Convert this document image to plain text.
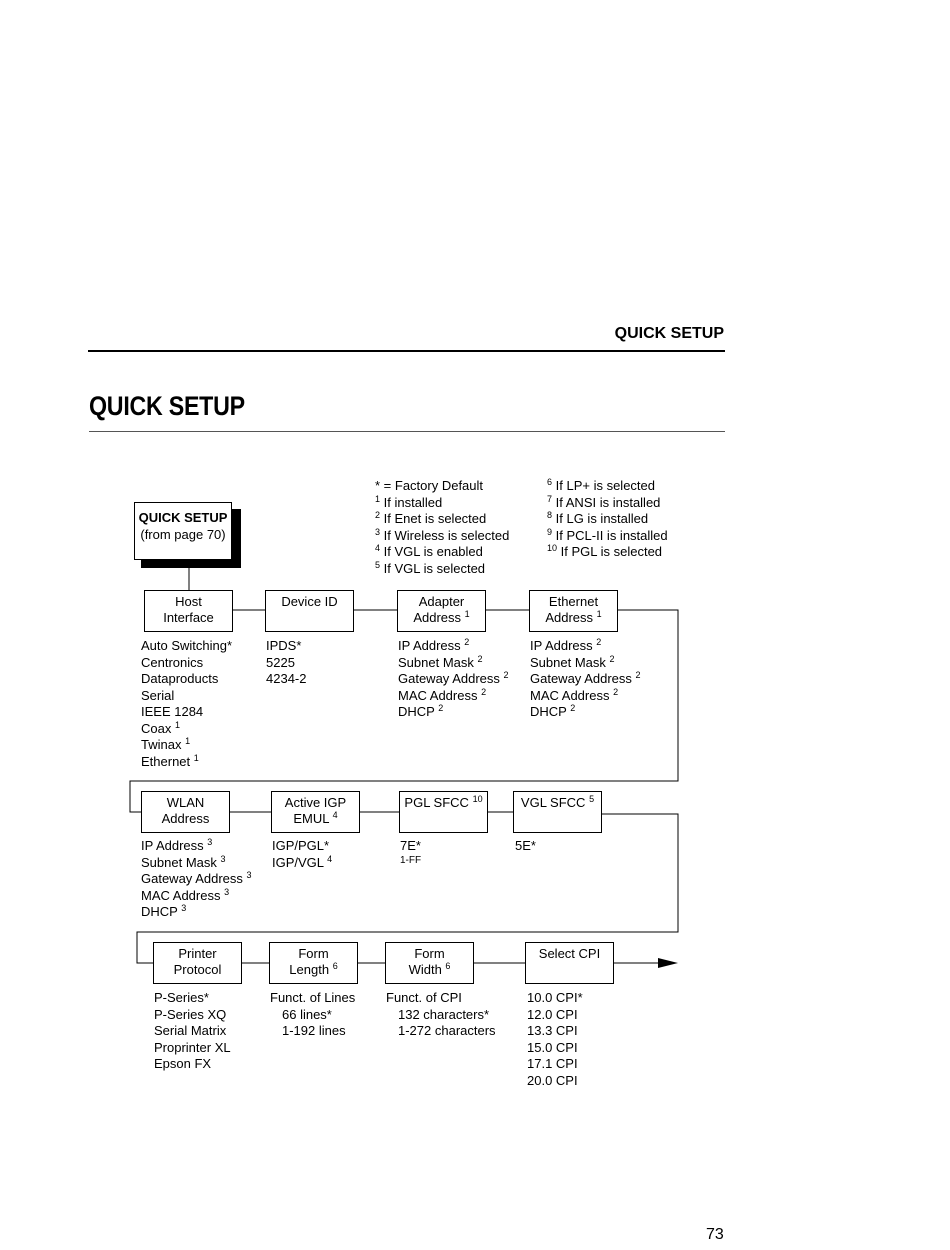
QUICK SETUP
QUICK SETUP
* = Factory Default
$^1$ If installed
$^2$ If Enet is selected
$^3$ If Wireless is selected
$^4$ If VGL is enabled
$^5$ If VGL is selected
$^6$ If LP+ is selected
$^7$ If ANSI is installed
$^8$ If LG is installed
$^9$ If PCL-II is installed
$^{10}$ If PGL is selected
QUICK SETUP
(from page 70)
Host
Interface
Auto Switching*
Centronics
Dataproducts
Serial
IEEE 1284
Coax $^1$
Twinax $^1$
Ethernet $^1$
Device ID
IPDS*
5225
4234-2
Adapter
Address $^1$
IP Address $^2$
Subnet Mask $^2$
Gateway Address $^2$
MAC Address $^2$
DHCP $^2$
Ethernet
Address $^1$
IP Address $^2$
Subnet Mask $^2$
Gateway Address $^2$
MAC Address $^2$
DHCP $^2$
WLAN
Address
IP Address $^3$
Subnet Mask $^3$
Gateway Address $^3$
MAC Address $^3$
DHCP $^3$
Active IGP
EMUL $^4$
IGP/PGL*
IGP/VGL $^4$
PGL SFCC $^{10}$
7E*
1-FF
VGL SFCC $^5$
5E*
Printer
Protocol
P-Series*
P-Series XQ
Serial Matrix
Proprinter XL
Epson FX
Form
Length $^6$
Funct. of Lines
66 lines*
1-192 lines
Form
Width $^6$
Funct. of CPI
132 characters*
1-272 characters
Select CPI
10.0 CPI*
12.0 CPI
13.3 CPI
15.0 CPI
17.1 CPI
20.0 CPI
73
